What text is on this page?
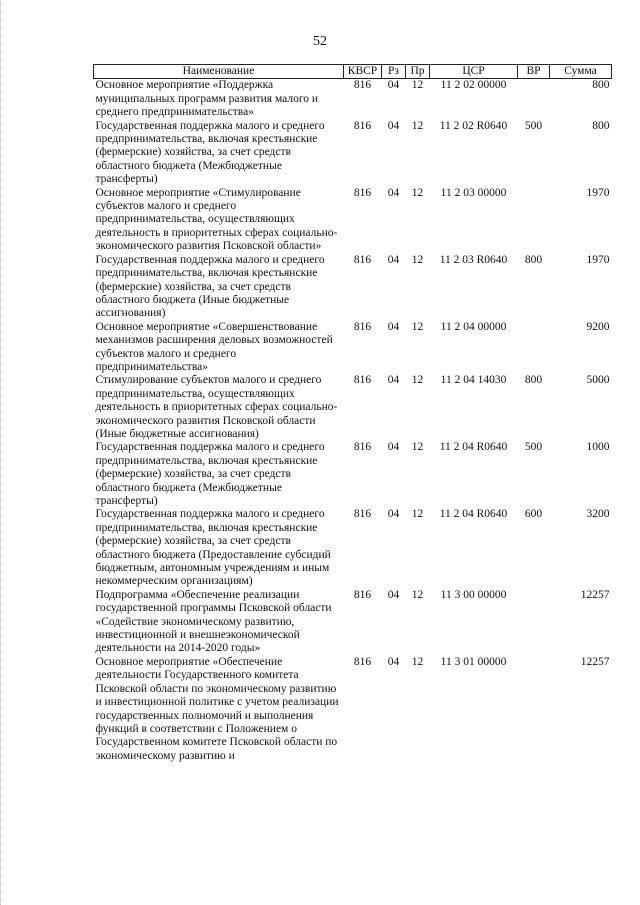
52
Наименование	КВСР	Рз	Пр	ЦСР	ВР	Сумма
Основное мероприятие «Поддержка муниципальных программ развития малого и среднего предпринимательства»	816	04	12	11 2 02 00000		800
Государственная поддержка малого и среднего предпринимательства, включая крестьянские (фермерские) хозяйства, за счет средств областного бюджета (Межбюджетные трансферты)	816	04	12	11 2 02 R0640	500	800
Основное мероприятие «Стимулирование субъектов малого и среднего предпринимательства, осуществляющих деятельность в приоритетных сферах социально-экономического развития Псковской области»	816	04	12	11 2 03 00000		1970
Государственная поддержка малого и среднего предпринимательства, включая крестьянские (фермерские) хозяйства, за счет средств областного бюджета (Иные бюджетные ассигнования)	816	04	12	11 2 03 R0640	800	1970
Основное мероприятие «Совершенствование механизмов расширения деловых возможностей субъектов малого и среднего предпринимательства»	816	04	12	11 2 04 00000		9200
Стимулирование субъектов малого и среднего предпринимательства, осуществляющих деятельность в приоритетных сферах социально-экономического развития Псковской области (Иные бюджетные ассигнования)	816	04	12	11 2 04 14030	800	5000
Государственная поддержка малого и среднего предпринимательства, включая крестьянские (фермерские) хозяйства, за счет средств областного бюджета (Межбюджетные трансферты)	816	04	12	11 2 04 R0640	500	1000
Государственная поддержка малого и среднего предпринимательства, включая крестьянские (фермерские) хозяйства, за счет средств областного бюджета (Предоставление субсидий бюджетным, автономным учреждениям и иным некоммерческим организациям)	816	04	12	11 2 04 R0640	600	3200
Подпрограмма «Обеспечение реализации государственной программы Псковской области «Содействие экономическому развитию, инвестиционной и внешнеэкономической деятельности на 2014-2020 годы»	816	04	12	11 3 00 00000		12257
Основное мероприятие «Обеспечение деятельности Государственного комитета Псковской области по экономическому развитию и инвестиционной политике с учетом реализации государственных полномочий и выполнения функций в соответствии с Положением о Государственном комитете Псковской области по экономическому развитию и	816	04	12	11 3 01 00000		12257
